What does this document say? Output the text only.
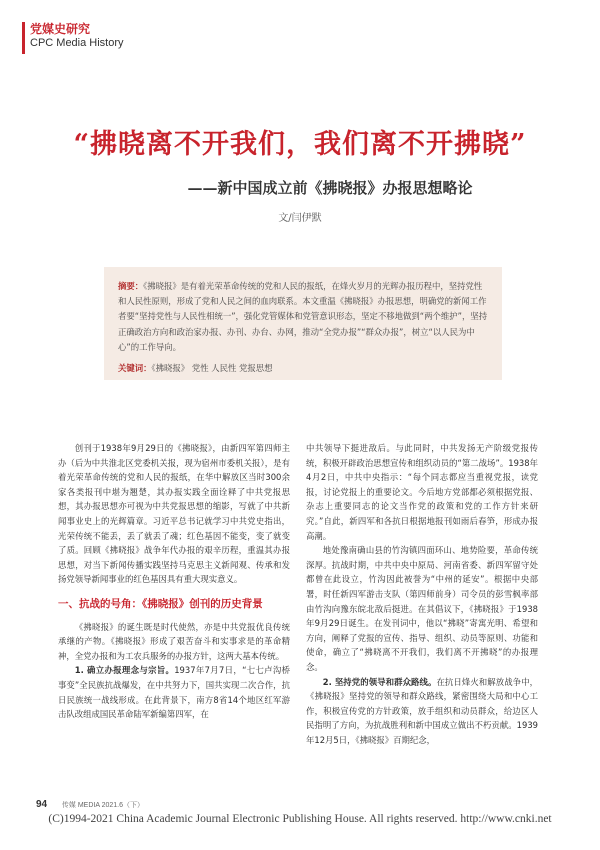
党媒史研究
CPC Media History
“拂晓离不开我们，我们离不开拂晓”
——新中国成立前《拂晓报》办报思想略论
文/闫伊默
摘要：《拂晓报》是有着光荣革命传统的党和人民的报纸，在烽火岁月的光辉办报历程中，坚持党性和人民性原则，形成了党和人民之间的血肉联系。本文重温《拂晓报》办报思想，明确党的新闻工作者要“坚持党性与人民性相统一”，强化党管媒体和党管意识形态，坚定不移地做到“两个维护”，坚持正确政治方向和政治家办报、办刊、办台、办网，推动“全党办报”“群众办报”，树立“以人民为中心”的工作导向。
关键词：《拂晓报》 党性 人民性 党报思想

创刊于1938年9月29日的《拂晓报》，由新四军第四师主办（后为中共淮北区党委机关报，现为宿州市委机关报），是有着光荣革命传统的党和人民的报纸，在华中解放区当时300余家各类报刊中堪为翘楚，其办报实践全面诠释了中共党报思想，其办报思想亦可视为中共党报思想的缩影，写就了中共新闻事业史上的光辉篇章。习近平总书记就学习中共党史指出，光荣传统不能丢，丢了就丢了魂；红色基因不能变，变了就变了质。回顾《拂晓报》战争年代办报的艰辛历程，重温其办报思想，对当下新闻传播实践坚持马克思主义新闻观、传承和发扬党领导新闻事业的红色基因具有重大现实意义。

一、抗战的号角：《拂晓报》创刊的历史背景

《拂晓报》的诞生既是时代使然，亦是中共党报优良传统承继的产物。《拂晓报》形成了艰苦奋斗和实事求是的革命精神，全党办报和为工农兵服务的办报方针，这两大基本传统。

1. 确立办报理念与宗旨。1937年7月7日，“七七卢沟桥事变”全民族抗战爆发，在中共努力下，国共实现二次合作，抗日民族统一战线形成。在此背景下，南方8省14个地区红军游击队改组成国民革命陆军新编第四军，在

中共领导下挺进敌后。与此同时，中共发扬无产阶级党报传统，积极开辟政治思想宣传和组织动员的“第二战场”。1938年4月2日，中共中央指示：“每个同志都应当重视党报，读党报，讨论党报上的重要论文。今后地方党部都必须根据党报、杂志上重要同志的论文当作党的政策和党的工作方针来研究。”自此，新四军和各抗日根据地报刊如雨后春笋，形成办报高潮。

地处豫南确山县的竹沟镇四面环山、地势险要，革命传统深厚。抗战时期，中共中央中原局、河南省委、新四军留守处都曾在此设立，竹沟因此被誉为“中州的延安”。根据中央部署，时任新四军游击支队（第四师前身）司令员的彭雪枫率部由竹沟向豫东皖北敌后挺进。在其倡议下，《拂晓报》于1938年9月29日诞生。在发刊词中，他以“拂晓”寄寓光明、希望和方向，阐释了党报的宣传、指导、组织、动员等原则、功能和使命，确立了“拂晓离不开我们，我们离不开拂晓”的办报理念。

2. 坚持党的领导和群众路线。在抗日烽火和解放战争中，《拂晓报》坚持党的领导和群众路线，紧密围绕大局和中心工作，积极宣传党的方针政策，放手组织和动员群众，给边区人民指明了方向，为抗战胜利和新中国成立做出不朽贡献。1939年12月5日，《拂晓报》百期纪念，

94 传媒 MEDIA 2021.6（下）
(C)1994-2021 China Academic Journal Electronic Publishing House. All rights reserved. http://www.cnki.net
